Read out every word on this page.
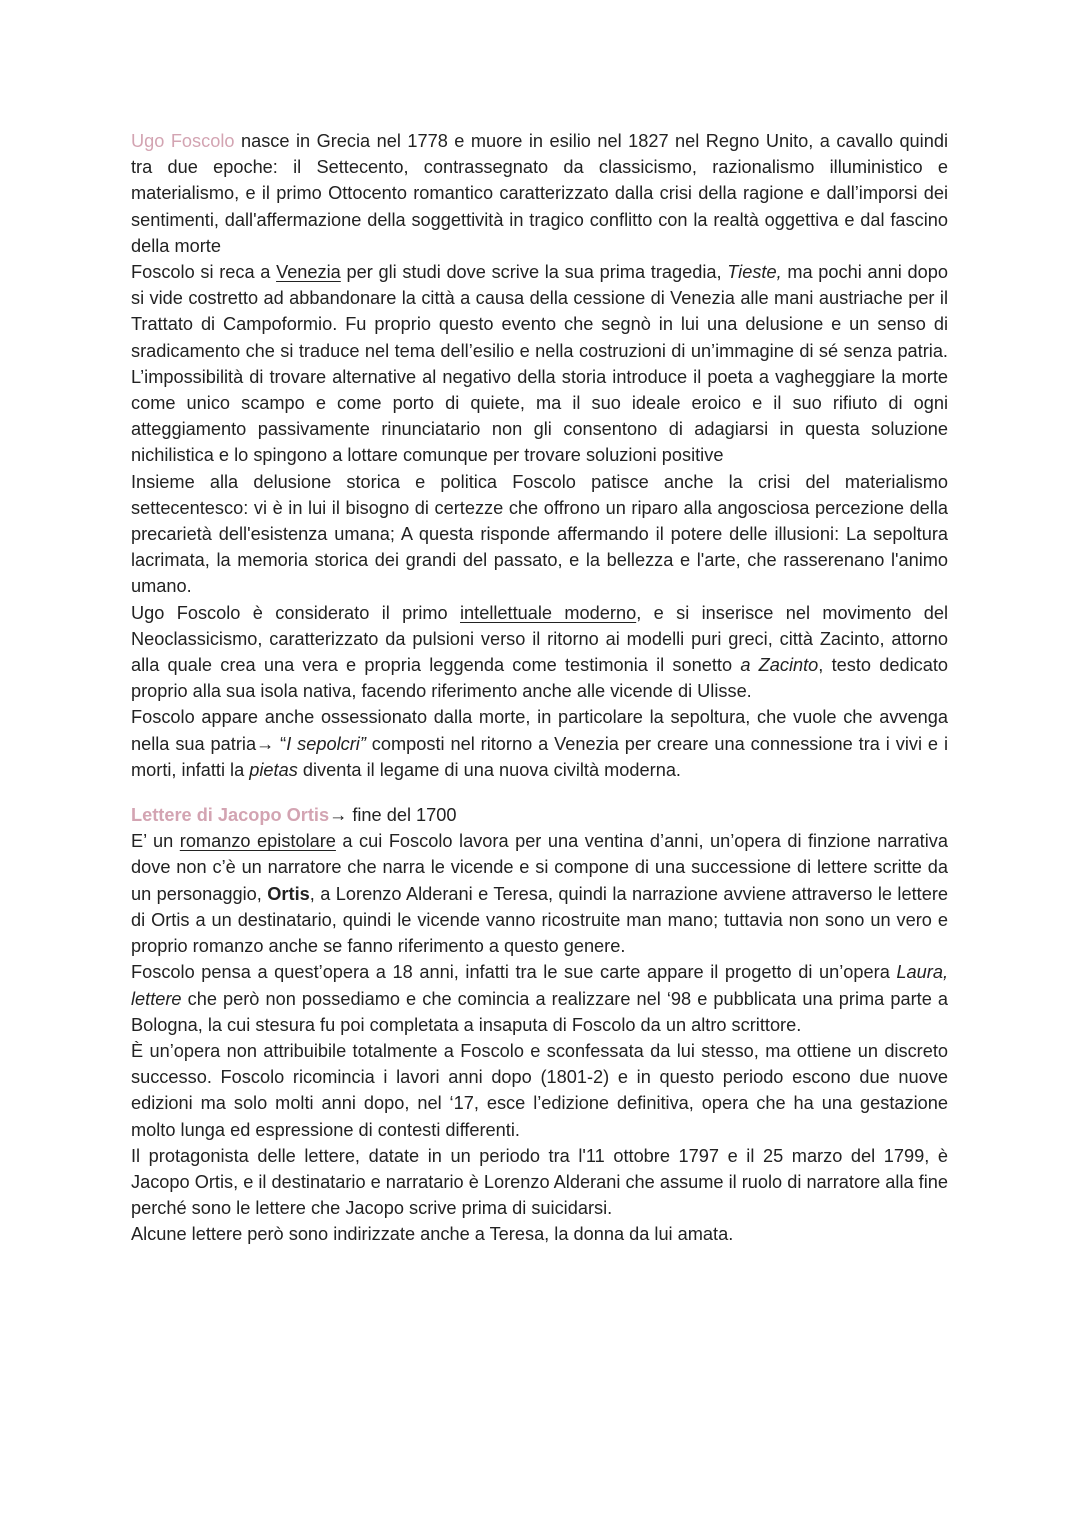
Ugo Foscolo nasce in Grecia nel 1778 e muore in esilio nel 1827 nel Regno Unito, a cavallo quindi tra due epoche: il Settecento, contrassegnato da classicismo, razionalismo illuministico e materialismo, e il primo Ottocento romantico caratterizzato dalla crisi della ragione e dall’imporsi dei sentimenti, dall'affermazione della soggettività in tragico conflitto con la realtà oggettiva e dal fascino della morte

Foscolo si reca a Venezia per gli studi dove scrive la sua prima tragedia, Tieste, ma pochi anni dopo si vide costretto ad abbandonare la città a causa della cessione di Venezia alle mani austriache per il Trattato di Campoformio. Fu proprio questo evento che segnò in lui una delusione e un senso di sradicamento che si traduce nel tema dell’esilio e nella costruzioni di un’immagine di sé senza patria. L’impossibilità di trovare alternative al negativo della storia introduce il poeta a vagheggiare la morte come unico scampo e come porto di quiete, ma il suo ideale eroico e il suo rifiuto di ogni atteggiamento passivamente rinunciatario non gli consentono di adagiarsi in questa soluzione nichilistica e lo spingono a lottare comunque per trovare soluzioni positive

Insieme alla delusione storica e politica Foscolo patisce anche la crisi del materialismo settecentesco: vi è in lui il bisogno di certezze che offrono un riparo alla angosciosa percezione della precarietà dell'esistenza umana; A questa risponde affermando il potere delle illusioni: La sepoltura lacrimata, la memoria storica dei grandi del passato, e la bellezza e l'arte, che rasserenano l'animo umano.

Ugo Foscolo è considerato il primo intellettuale moderno, e si inserisce nel movimento del Neoclassicismo, caratterizzato da pulsioni verso il ritorno ai modelli puri greci, città Zacinto, attorno alla quale crea una vera e propria leggenda come testimonia il sonetto a Zacinto, testo dedicato proprio alla sua isola nativa, facendo riferimento anche alle vicende di Ulisse.

Foscolo appare anche ossessionato dalla morte, in particolare la sepoltura, che vuole che avvenga nella sua patria→ “I sepolcri” composti nel ritorno a Venezia per creare una connessione tra i vivi e i morti, infatti la pietas diventa il legame di una nuova civiltà moderna.

Lettere di Jacopo Ortis→ fine del 1700

E’ un romanzo epistolare a cui Foscolo lavora per una ventina d’anni, un’opera di finzione narrativa dove non c’è un narratore che narra le vicende e si compone di una successione di lettere scritte da un personaggio, Ortis, a Lorenzo Alderani e Teresa, quindi la narrazione avviene attraverso le lettere di Ortis a un destinatario, quindi le vicende vanno ricostruite man mano; tuttavia non sono un vero e proprio romanzo anche se fanno riferimento a questo genere.

Foscolo pensa a quest’opera a 18 anni, infatti tra le sue carte appare il progetto di un’opera Laura, lettere che però non possediamo e che comincia a realizzare nel ‘98 e pubblicata una prima parte a Bologna, la cui stesura fu poi completata a insaputa di Foscolo da un altro scrittore.

È un’opera non attribuibile totalmente a Foscolo e sconfessata da lui stesso, ma ottiene un discreto successo. Foscolo ricomincia i lavori anni dopo (1801-2) e in questo periodo escono due nuove edizioni ma solo molti anni dopo, nel ‘17, esce l’edizione definitiva, opera che ha una gestazione molto lunga ed espressione di contesti differenti.

Il protagonista delle lettere, datate in un periodo tra l'11 ottobre 1797 e il 25 marzo del 1799, è Jacopo Ortis, e il destinatario e narratario è Lorenzo Alderani che assume il ruolo di narratore alla fine perché sono le lettere che Jacopo scrive prima di suicidarsi.

Alcune lettere però sono indirizzate anche a Teresa, la donna da lui amata.
